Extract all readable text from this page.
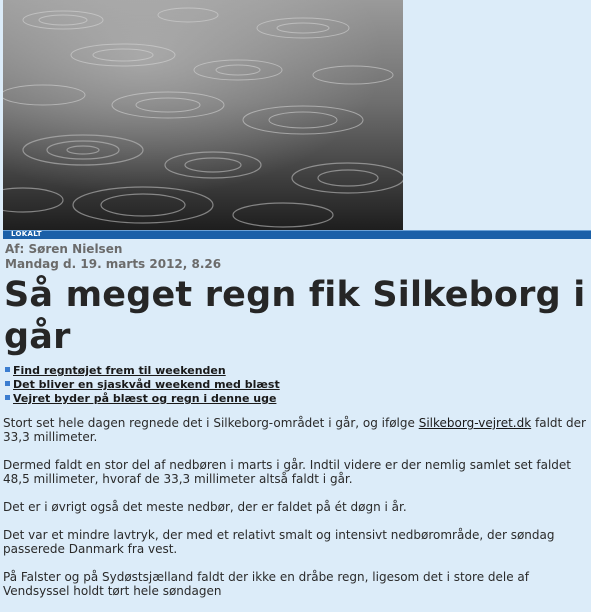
LOKALT
Af: Søren Nielsen
Mandag d. 19. marts 2012, 8.26
Så meget regn fik Silkeborg i går
Find regntøjet frem til weekenden
Det bliver en sjaskvåd weekend med blæst
Vejret byder på blæst og regn i denne uge

Stort set hele dagen regnede det i Silkeborg-området i går, og ifølge Silkeborg-vejret.dk faldt der 33,3 millimeter.

Dermed faldt en stor del af nedbøren i marts i går. Indtil videre er der nemlig samlet set faldet 48,5 millimeter, hvoraf de 33,3 millimeter altså faldt i går.

Det er i øvrigt også det meste nedbør, der er faldet på ét døgn i år.

Det var et mindre lavtryk, der med et relativt smalt og intensivt nedbørområde, der søndag passerede Danmark fra vest.

På Falster og på Sydøstsjælland faldt der ikke en dråbe regn, ligesom det i store dele af Vendsyssel holdt tørt hele søndagen
